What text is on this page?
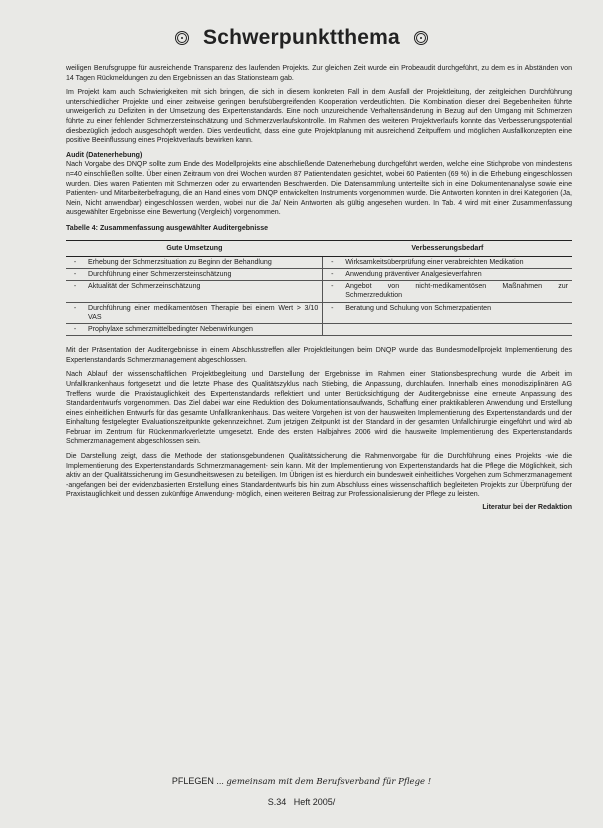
Schwerpunktthema

weiligen Berufsgruppe für ausreichende Transparenz des laufenden Projekts. Zur gleichen Zeit wurde ein Probeaudit durchgeführt, zu dem es in Abständen von 14 Tagen Rückmeldungen zu den Ergebnissen an das Stationsteam gab.

Im Projekt kam auch Schwierigkeiten mit sich bringen, die sich in diesem konkreten Fall in dem Ausfall der Projektleitung, der zeitgleichen Durchführung unterschiedlicher Projekte und einer zeitweise geringen berufsübergreifenden Kooperation verdeutlichten. Die Kombination dieser drei Begebenheiten führte unweigerlich zu Defiziten in der Umsetzung des Expertenstandards. Eine noch unzureichende Verhaltensänderung in Bezug auf den Umgang mit Schmerzen führte zu einer fehlender Schmerzersteinschätzung und Schmerzverlaufskontrolle. Im Rahmen des weiteren Projektverlaufs konnte das Verbesserungspotential diesbezüglich jedoch ausgeschöpft werden. Dies verdeutlicht, dass eine gute Projektplanung mit ausreichend Zeitpuffern und möglichen Ausfallkonzepten eine positive Beeinflussung eines Projektverlaufs bewirken kann.

Audit (Datenerhebung)

Nach Vorgabe des DNQP sollte zum Ende des Modellprojekts eine abschließende Datenerhebung durchgeführt werden, welche eine Stichprobe von mindestens n=40 einschließen sollte. Über einen Zeitraum von drei Wochen wurden 87 Patientendaten gesichtet, wobei 60 Patienten (69 %) in die Erhebung eingeschlossen wurden. Dies waren Patienten mit Schmerzen oder zu erwartenden Beschwerden. Die Datensammlung unterteilte sich in eine Dokumentenanalyse sowie eine Patienten- und Mitarbeiterbefragung, die an Hand eines vom DNQP entwickelten Instruments vorgenommen wurde. Die Antworten konnten in drei Kategorien (Ja, Nein, Nicht anwendbar) eingeschlossen werden, wobei nur die Ja/ Nein Antworten als gültig angesehen wurden. In Tab. 4 wird mit einer Zusammenfassung ausgewählter Ergebnisse eine Bewertung (Vergleich) vorgenommen.

Tabelle 4: Zusammenfassung ausgewählter Auditergebnisse
Gute Umsetzung		Verbesserungsbedarf	
-	Erhebung der Schmerzsituation zu Beginn der Behandlung	-	Wirksamkeitsüberprüfung einer verabreichten Medikation
-	Durchführung einer Schmerzersteinschätzung	-	Anwendung präventiver Analgesieverfahren
-	Aktualität der Schmerzeinschätzung	-	Angebot von nicht-medikamentösen Maßnahmen zur Schmerzreduktion
-	Durchführung einer medikamentösen Therapie bei einem Wert > 3/10 VAS	-	Beratung und Schulung von Schmerzpatienten
-	Prophylaxe schmerzmittelbedingter Nebenwirkungen		

Mit der Präsentation der Auditergebnisse in einem Abschlusstreffen aller Projektleitungen beim DNQP wurde das Bundesmodellprojekt Implementierung des Expertenstandards Schmerzmanagement abgeschlossen.

Nach Ablauf der wissenschaftlichen Projektbegleitung und Darstellung der Ergebnisse im Rahmen einer Stationsbesprechung wurde die Arbeit im Unfallkrankenhaus fortgesetzt und die letzte Phase des Qualitätszyklus nach Stiebing, die Anpassung, durchlaufen. Innerhalb eines monodisziplinären AG Treffens wurde die Praxistauglichkeit des Expertenstandards reflektiert und unter Berücksichtigung der Auditergebnisse eine erneute Anpassung des Standardentwurfs vorgenommen. Das Ziel dabei war eine Reduktion des Dokumentationsaufwands, Schaffung einer praktikableren Anwendung und Erstellung eines einheitlichen Entwurfs für das gesamte Unfallkrankenhaus. Das weitere Vorgehen ist von der hausweiten Implementierung des Expertenstandards und der Einhaltung festgelegter Evaluationszeitpunkte gekennzeichnet. Zum jetzigen Zeitpunkt ist der Standard in der gesamten Unfallchirurgie eingeführt und wird ab Februar im Zentrum für Rückenmarkverletzte umgesetzt. Ende des ersten Halbjahres 2006 wird die hausweite Implementierung des Expertenstandards Schmerzmanagement abgeschlossen sein.

Die Darstellung zeigt, dass die Methode der stationsgebundenen Qualitätssicherung die Rahmenvorgabe für die Durchführung eines Projekts -wie die Implementierung des Expertenstandards Schmerzmanagement- sein kann. Mit der Implementierung von Expertenstandards hat die Pflege die Möglichkeit, sich aktiv an der Qualitätssicherung im Gesundheitswesen zu beteiligen. Im Übrigen ist es hierdurch ein bundesweit einheitliches Vorgehen zum Schmerzmanagement -angefangen bei der evidenzbasierten Erstellung eines Standardentwurfs bis hin zum Abschluss eines wissenschaftlich begleiteten Projekts zur Überprüfung der Praxistauglichkeit und dessen zukünftige Anwendung- möglich, einen weiteren Beitrag zur Professionalisierung der Pflege zu leisten.

Literatur bei der Redaktion
PFLEGEN ... gemeinsam mit dem Berufsverband für Pflege !
S.34 Heft 2005/
